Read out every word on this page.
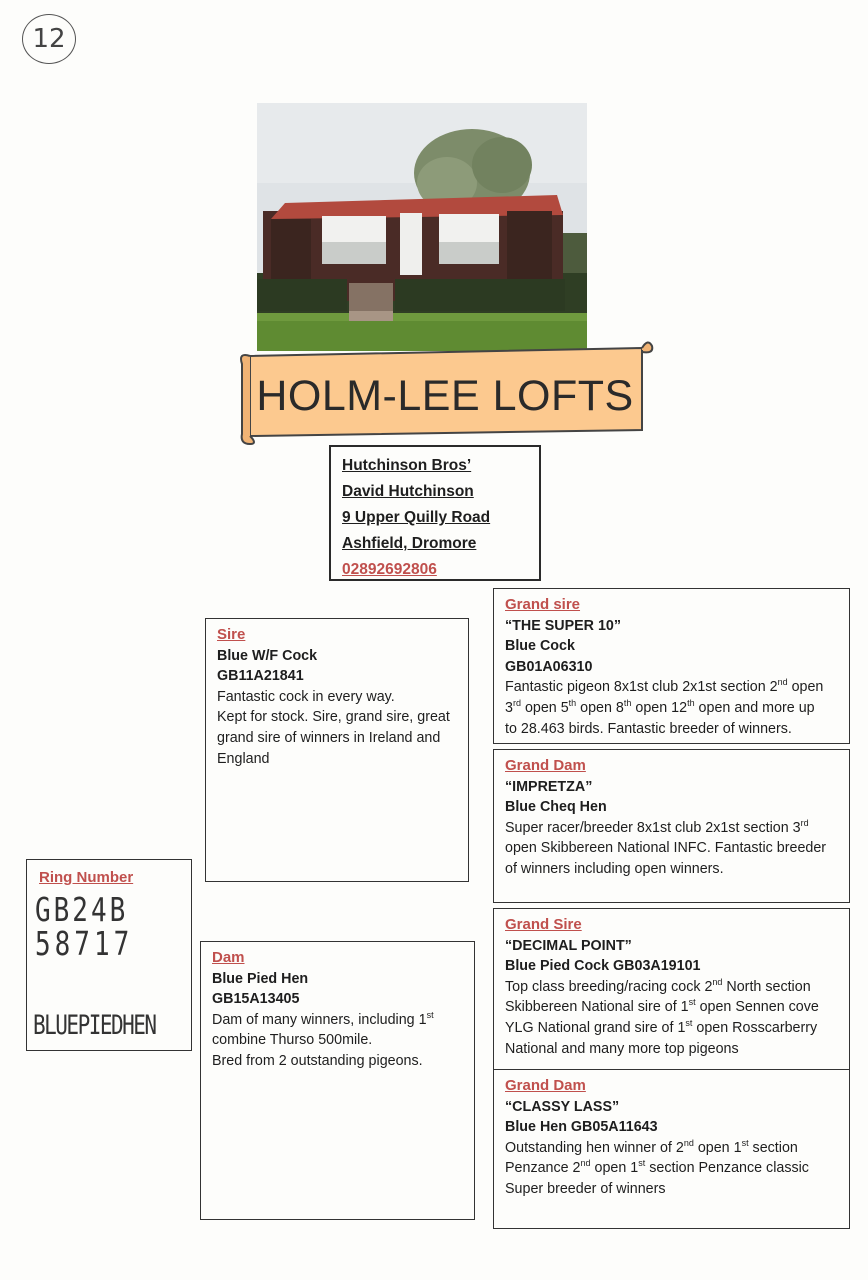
12
HOLM-LEE LOFTS
Hutchinson Bros’
David Hutchinson
9 Upper Quilly Road
Ashfield, Dromore
02892692806
Grand sire
“THE SUPER 10”
Blue Cock
GB01A06310
Fantastic pigeon 8x1st club 2x1st section 2nd open
3rd open 5th open 8th open 12th open and more up
to 28.463 birds. Fantastic breeder of winners.
Sire
Blue W/F Cock
GB11A21841
Fantastic cock in every way.
Kept for stock. Sire, grand sire, great
grand sire of winners in Ireland and
England	Grand Dam
“IMPRETZA”
Blue Cheq Hen
Super racer/breeder 8x1st club 2x1st section 3rd
open Skibbereen National INFC. Fantastic breeder
of winners including open winners.
Ring Number
GB24B
58717
BLUEPIEDHEN
Grand Sire
“DECIMAL POINT”
Blue Pied Cock GB03A19101
Top class breeding/racing cock 2nd North section
Skibbereen National sire of 1st open Sennen cove
YLG National grand sire of 1st open Rosscarberry
National and many more top pigeons
Dam
Blue Pied Hen
GB15A13405
Dam of many winners, including 1st
combine Thurso 500mile.
Bred from 2 outstanding pigeons.
Grand Dam
“CLASSY LASS”
Blue Hen GB05A11643
Outstanding hen winner of 2nd open 1st section
Penzance 2nd open 1st section Penzance classic
Super breeder of winners
